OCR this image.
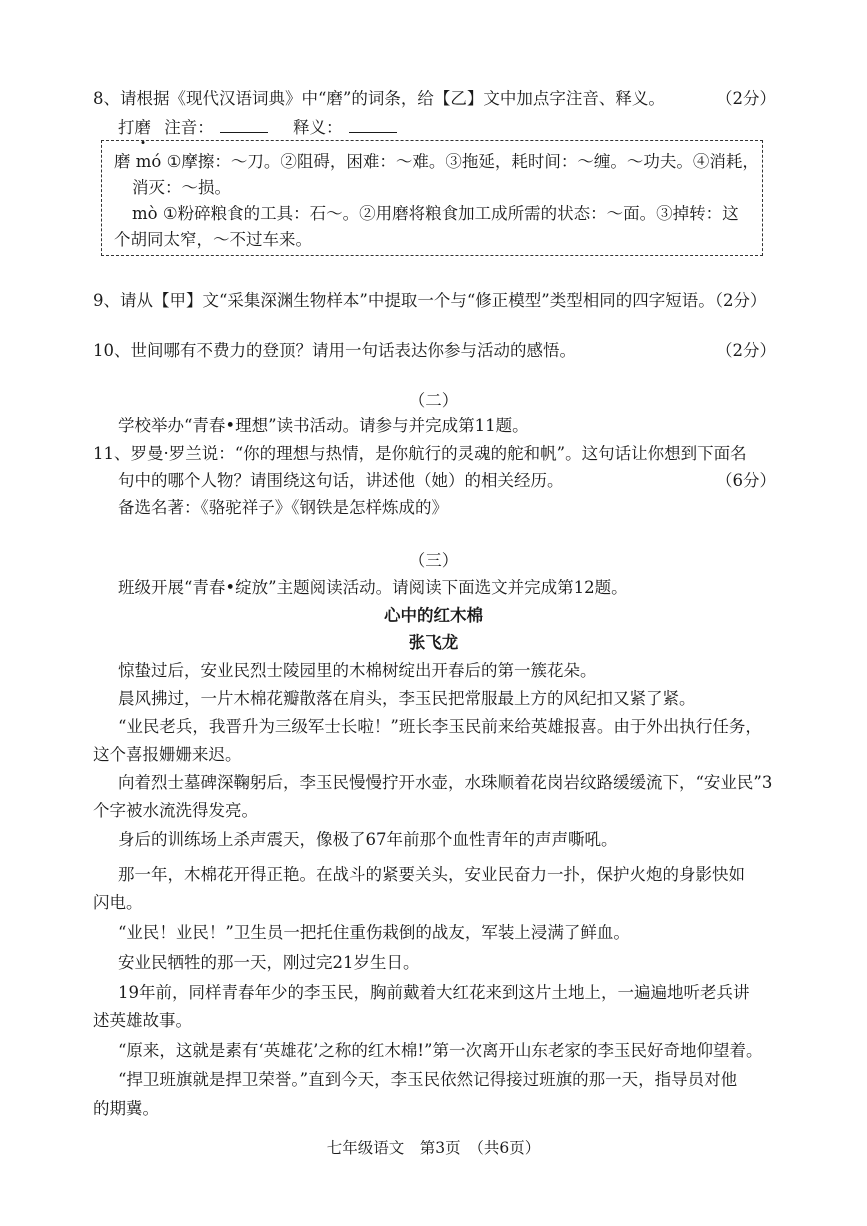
8、请根据《现代汉语词典》中“磨”的词条，给【乙】文中加点字注音、释义。	（2分）
打磨 注音：	释义：
磨 mó ①摩擦：～刀。②阻碍，困难：～难。③拖延，耗时间：～缠。～功夫。④消耗，
消灭：～损。
mò ①粉碎粮食的工具：石～。②用磨将粮食加工成所需的状态：～面。③掉转：这
个胡同太窄，～不过车来。
9、请从【甲】文“采集深渊生物样本”中提取一个与“修正模型”类型相同的四字短语。（2分）
10、世间哪有不费力的登顶？请用一句话表达你参与活动的感悟。	（2分）
（二）
学校举办“青春•理想”读书活动。请参与并完成第11题。
11、罗曼·罗兰说：“你的理想与热情，是你航行的灵魂的舵和帆”。这句话让你想到下面名
句中的哪个人物？请围绕这句话，讲述他（她）的相关经历。	（6分）
备选名著：《骆驼祥子》《钢铁是怎样炼成的》
（三）
班级开展“青春•绽放”主题阅读活动。请阅读下面选文并完成第12题。
心中的红木棉
张飞龙
惊蛰过后，安业民烈士陵园里的木棉树绽出开春后的第一簇花朵。
晨风拂过，一片木棉花瓣散落在肩头，李玉民把常服最上方的风纪扣又紧了紧。
“业民老兵，我晋升为三级军士长啦！”班长李玉民前来给英雄报喜。由于外出执行任务，
这个喜报姗姗来迟。
向着烈士墓碑深鞠躬后，李玉民慢慢拧开水壶，水珠顺着花岗岩纹路缓缓流下，“安业民”3
个字被水流洗得发亮。
身后的训练场上杀声震天，像极了67年前那个血性青年的声声嘶吼。
那一年，木棉花开得正艳。在战斗的紧要关头，安业民奋力一扑，保护火炮的身影快如
闪电。
“业民！业民！”卫生员一把托住重伤栽倒的战友，军装上浸满了鲜血。
安业民牺牲的那一天，刚过完21岁生日。
19年前，同样青春年少的李玉民，胸前戴着大红花来到这片土地上，一遍遍地听老兵讲
述英雄故事。
“原来，这就是素有‘英雄花’之称的红木棉!”第一次离开山东老家的李玉民好奇地仰望着。
“捍卫班旗就是捍卫荣誉。”直到今天，李玉民依然记得接过班旗的那一天，指导员对他
的期冀。
七年级语文　第3页　（共6页）
